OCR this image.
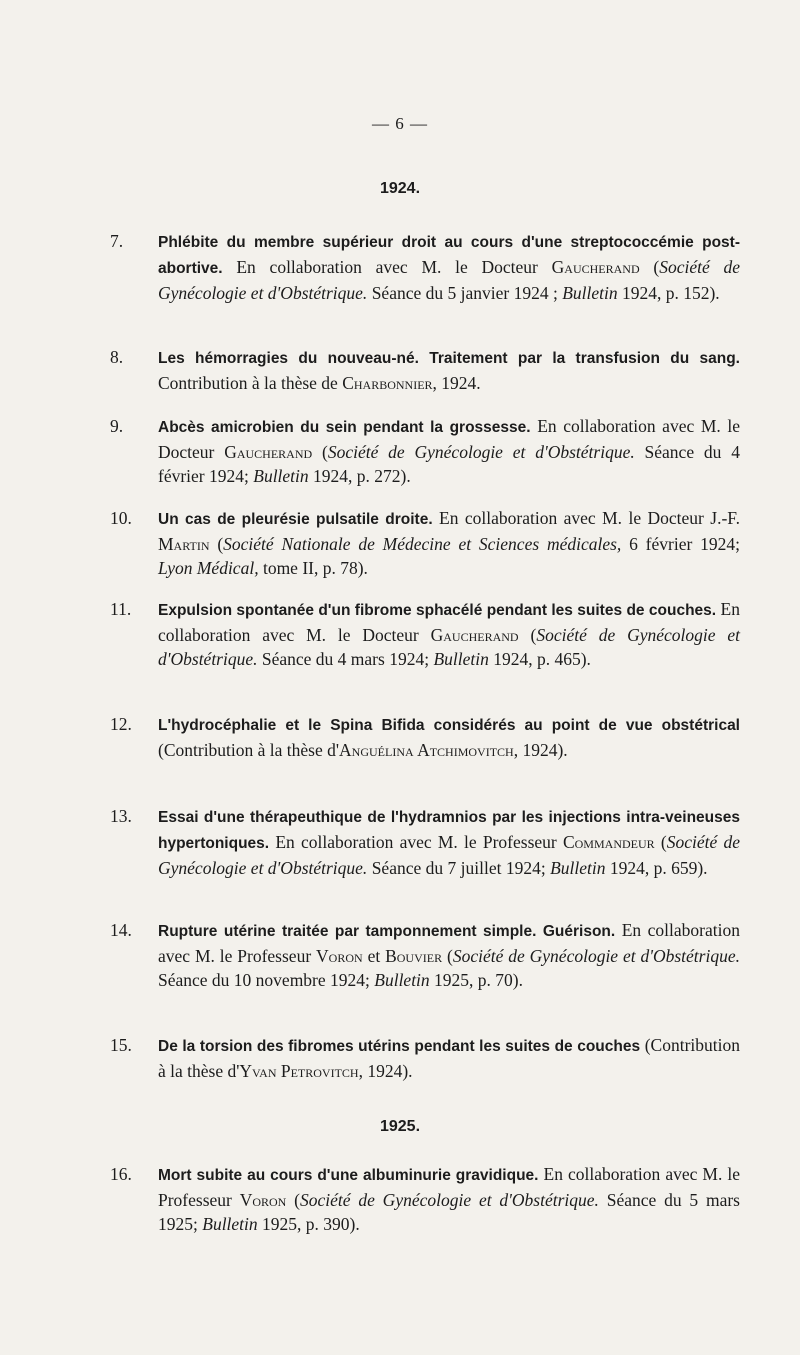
— 6 —
1924.
7.	Phlébite du membre supérieur droit au cours d'une streptococcémie post-abortive. En collaboration avec M. le Docteur Gaucherand (Société de Gynécologie et d'Obstétrique. Séance du 5 janvier 1924 ; Bulletin 1924, p. 152).
8.	Les hémorragies du nouveau-né. Traitement par la transfusion du sang. Contribution à la thèse de Charbonnier, 1924.
9.	Abcès amicrobien du sein pendant la grossesse. En collaboration avec M. le Docteur Gaucherand (Société de Gynécologie et d'Obstétrique. Séance du 4 février 1924; Bulletin 1924, p. 272).
10.	Un cas de pleurésie pulsatile droite. En collaboration avec M. le Docteur J.-F. Martin (Société Nationale de Médecine et Sciences médicales, 6 février 1924; Lyon Médical, tome II, p. 78).
11.	Expulsion spontanée d'un fibrome sphacélé pendant les suites de couches. En collaboration avec M. le Docteur Gaucherand (Société de Gynécologie et d'Obstétrique. Séance du 4 mars 1924; Bulletin 1924, p. 465).
12.	L'hydrocéphalie et le Spina Bifida considérés au point de vue obstétrical (Contribution à la thèse d'Anguélina Atchimovitch, 1924).
13.	Essai d'une thérapeuthique de l'hydramnios par les injections intra-veineuses hypertoniques. En collaboration avec M. le Professeur Commandeur (Société de Gynécologie et d'Obstétrique. Séance du 7 juillet 1924; Bulletin 1924, p. 659).
14.	Rupture utérine traitée par tamponnement simple. Guérison. En collaboration avec M. le Professeur Voron et Bouvier (Société de Gynécologie et d'Obstétrique. Séance du 10 novembre 1924; Bulletin 1925, p. 70).
15.	De la torsion des fibromes utérins pendant les suites de couches (Contribution à la thèse d'Yvan Petrovitch, 1924).
1925.
16.	Mort subite au cours d'une albuminurie gravidique. En collaboration avec M. le Professeur Voron (Société de Gynécologie et d'Obstétrique. Séance du 5 mars 1925; Bulletin 1925, p. 390).
